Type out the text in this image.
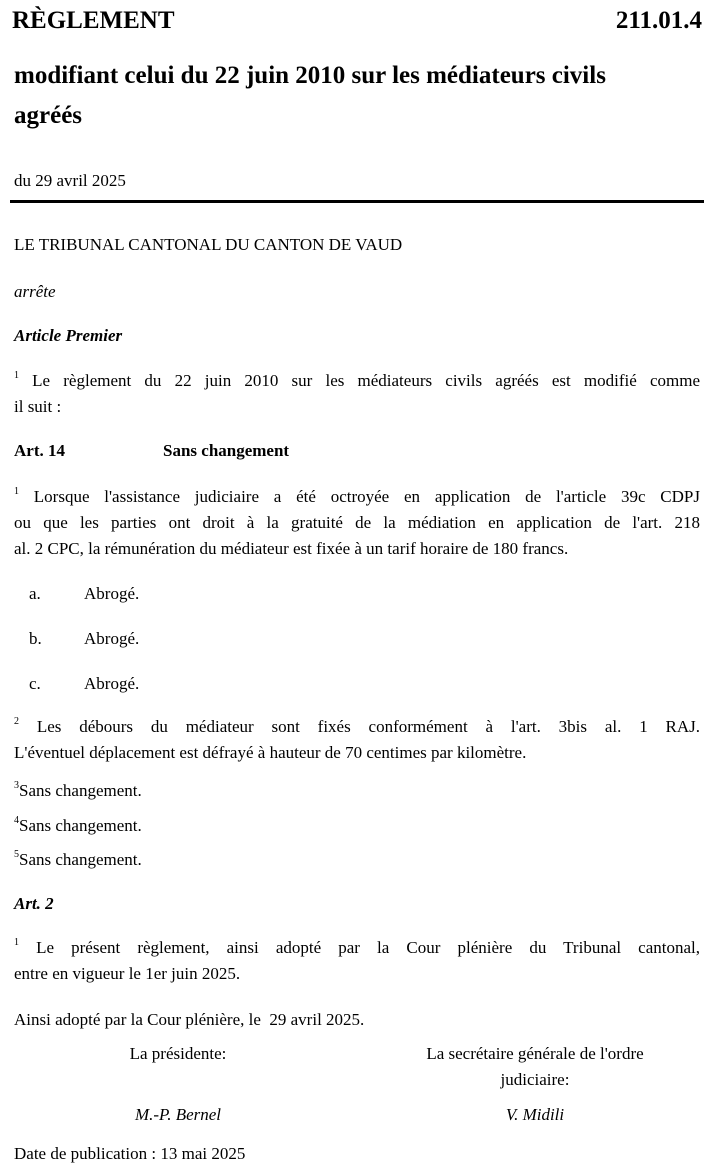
RÈGLEMENT	211.01.4
modifiant celui du 22 juin 2010 sur les médiateurs civils
agréés
du 29 avril 2025
LE TRIBUNAL CANTONAL DU CANTON DE VAUD
arrête
Article Premier
$^1$ Le règlement du 22 juin 2010 sur les médiateurs civils agréés est modifié comme
il suit :
Art. 14	Sans changement
$^1$ Lorsque l'assistance judiciaire a été octroyée en application de l'article 39c CDPJ
ou que les parties ont droit à la gratuité de la médiation en application de l'art. 218
al. 2 CPC, la rémunération du médiateur est fixée à un tarif horaire de 180 francs.
a.	Abrogé.
b. Abrogé.
c.	Abrogé.
$^2$ Les débours du médiateur sont fixés conformément à l'art. 3bis al. 1 RAJ.
L'éventuel déplacement est défrayé à hauteur de 70 centimes par kilomètre.
$^3$Sans changement.
$^4$Sans changement.
$^5$Sans changement.
Art. 2
$^1$ Le présent règlement, ainsi adopté par la Cour plénière du Tribunal cantonal,
entre en vigueur le 1er juin 2025.
Ainsi adopté par la Cour plénière, le  29 avril 2025.
La présidente:	La secrétaire générale de l'ordre
judiciaire:
M.-P. Bernel	V. Midili
Date de publication : 13 mai 2025
